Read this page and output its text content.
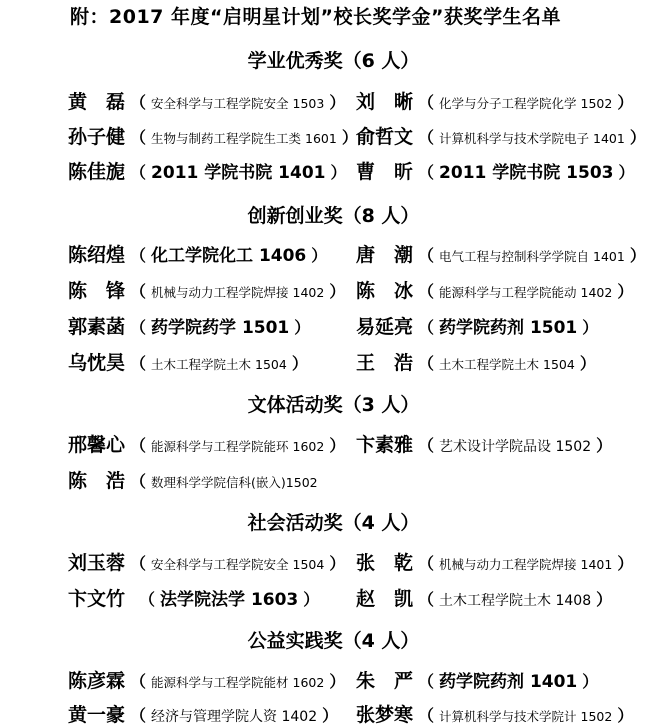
附：2017 年度“启明星计划”校长奖学金”获奖学生名单
学业优秀奖（6 人）
黄　磊 （ 安全科学与工程学院安全 1503 ） 刘　晰 （ 化学与分子工程学院化学 1502 ）
孙子健 （ 生物与制药工程学院生工类 1601 ）
俞哲文 （ 计算机科学与技术学院电子 1401 ）
陈佳旎 （ 2011 学院书院 1401 ） 曹　昕 （ 2011 学院书院 1503 ）
创新创业奖（8 人）
陈绍煌 （ 化工学院化工 1406 ） 唐　潮 （ 电气工程与控制科学学院自 1401 ）
陈　锋 （ 机械与动力工程学院焊接 1402 ） 陈　冰 （ 能源科学与工程学院能动 1402 ）
郭素菡 （ 药学院药学 1501 ） 易延亮 （ 药学院药剂 1501 ）
乌忱昊 （ 土木工程学院土木 1504 ）	王　浩 （ 土木工程学院土木 1504 ）
文体活动奖（3 人）
邢馨心 （ 能源科学与工程学院能环 1602 ） 卞素雅 （ 艺术设计学院品设 1502 ）
陈　浩 （ 数理科学学院信科(嵌入)1502
社会活动奖（4 人）
刘玉蓉 （ 安全科学与工程学院安全 1504 ） 张　乾 （ 机械与动力工程学院焊接 1401 ）
卞文竹 （ 法学院法学 1603 ） 赵　凯 （ 土木工程学院土木 1408 ）
公益实践奖（4 人）
陈彦霖 （ 能源科学与工程学院能材 1602 ） 朱　严 （ 药学院药剂 1401 ）
黄一豪 （ 经济与管理学院人资 1402 ） 张梦寒 （ 计算机科学与技术学院计 1502 ）
